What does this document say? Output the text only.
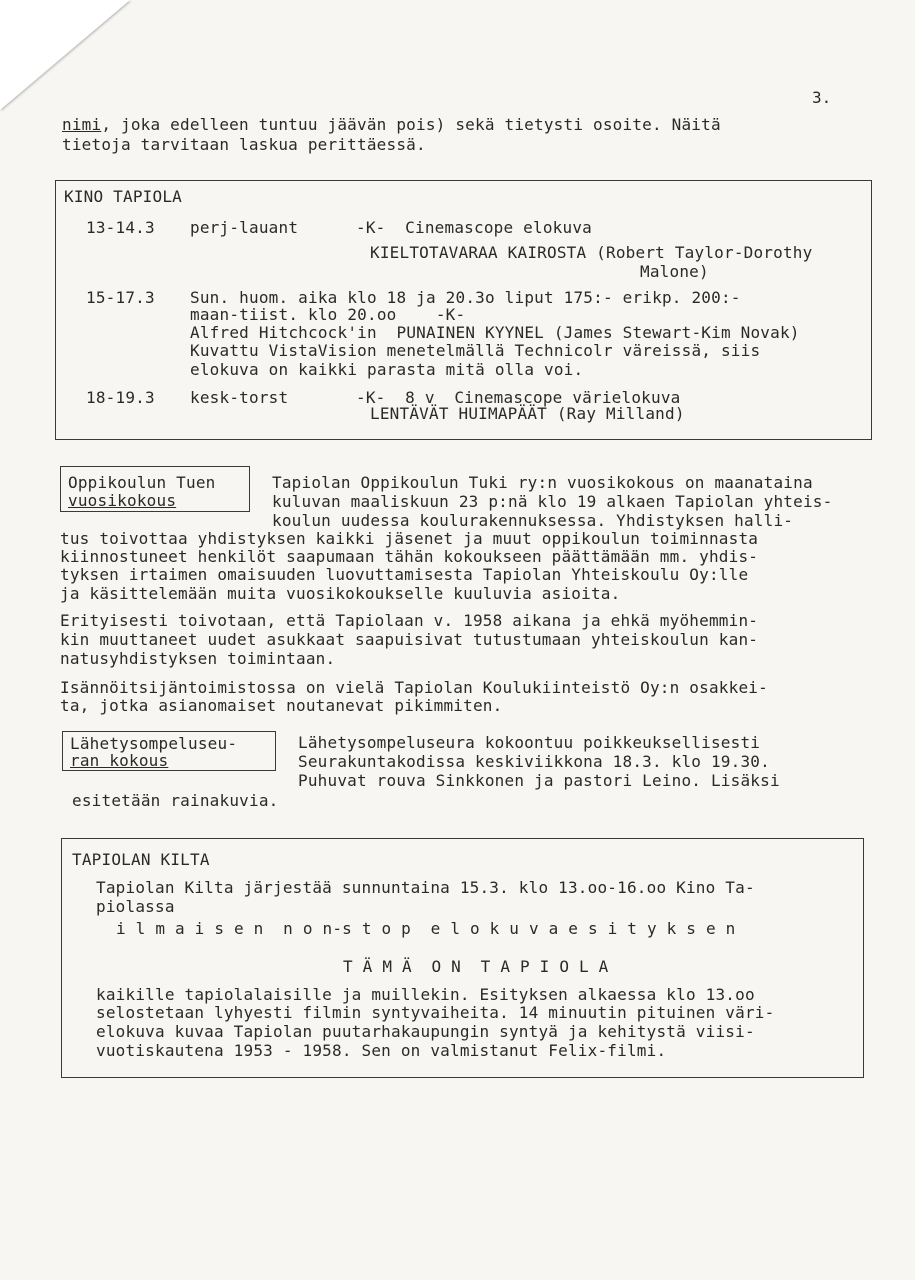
3.
nimi, joka edelleen tuntuu jäävän pois) sekä tietysti osoite. Näitä
tietoja tarvitaan laskua perittäessä.
KINO TAPIOLA
13-14.3 perj-lauant	-K-  Cinemascope elokuva
KIELTOTAVARAA KAIROSTA (Robert Taylor-Dorothy
Malone)
15-17.3 Sun. huom. aika klo 18 ja 20.3o liput 175:- erikp. 200:-
maan-tiist. klo 20.oo    -K-
Alfred Hitchcock'in  PUNAINEN KYYNEL (James Stewart-Kim Novak)
Kuvattu VistaVision menetelmällä Technicolr väreissä, siis
elokuva on kaikki parasta mitä olla voi.
18-19.3 kesk-torst	-K-  8 v  Cinemascope värielokuva
LENTÄVÄT HUIMAPÄÄT (Ray Milland)
Oppikoulun Tuen
vuosikokous
Tapiolan Oppikoulun Tuki ry:n vuosikokous on maanataina
kuluvan maaliskuun 23 p:nä klo 19 alkaen Tapiolan yhteis-
koulun uudessa koulurakennuksessa. Yhdistyksen halli-
tus toivottaa yhdistyksen kaikki jäsenet ja muut oppikoulun toiminnasta
kiinnostuneet henkilöt saapumaan tähän kokoukseen päättämään mm. yhdis-
tyksen irtaimen omaisuuden luovuttamisesta Tapiolan Yhteiskoulu Oy:lle
ja käsittelemään muita vuosikokoukselle kuuluvia asioita.
Erityisesti toivotaan, että Tapiolaan v. 1958 aikana ja ehkä myöhemmin-
kin muuttaneet uudet asukkaat saapuisivat tutustumaan yhteiskoulun kan-
natusyhdistyksen toimintaan.
Isännöitsijäntoimistossa on vielä Tapiolan Koulukiinteistö Oy:n osakkei-
ta, jotka asianomaiset noutanevat pikimmiten.
Lähetysompeluseu-
ran kokous
Lähetysompeluseura kokoontuu poikkeuksellisesti
Seurakuntakodissa keskiviikkona 18.3. klo 19.30.
Puhuvat rouva Sinkkonen ja pastori Leino. Lisäksi
esitetään rainakuvia.
TAPIOLAN KILTA
Tapiolan Kilta järjestää sunnuntaina 15.3. klo 13.oo-16.oo Kino Ta-
piolassa
i l m a i s e n  n o n-s t o p  e l o k u v a e s i t y k s e n
T Ä M Ä  O N  T A P I O L A
kaikille tapiolalaisille ja muillekin. Esityksen alkaessa klo 13.oo
selostetaan lyhyesti filmin syntyvaiheita. 14 minuutin pituinen väri-
elokuva kuvaa Tapiolan puutarhakaupungin syntyä ja kehitystä viisi-
vuotiskautena 1953 - 1958. Sen on valmistanut Felix-filmi.
